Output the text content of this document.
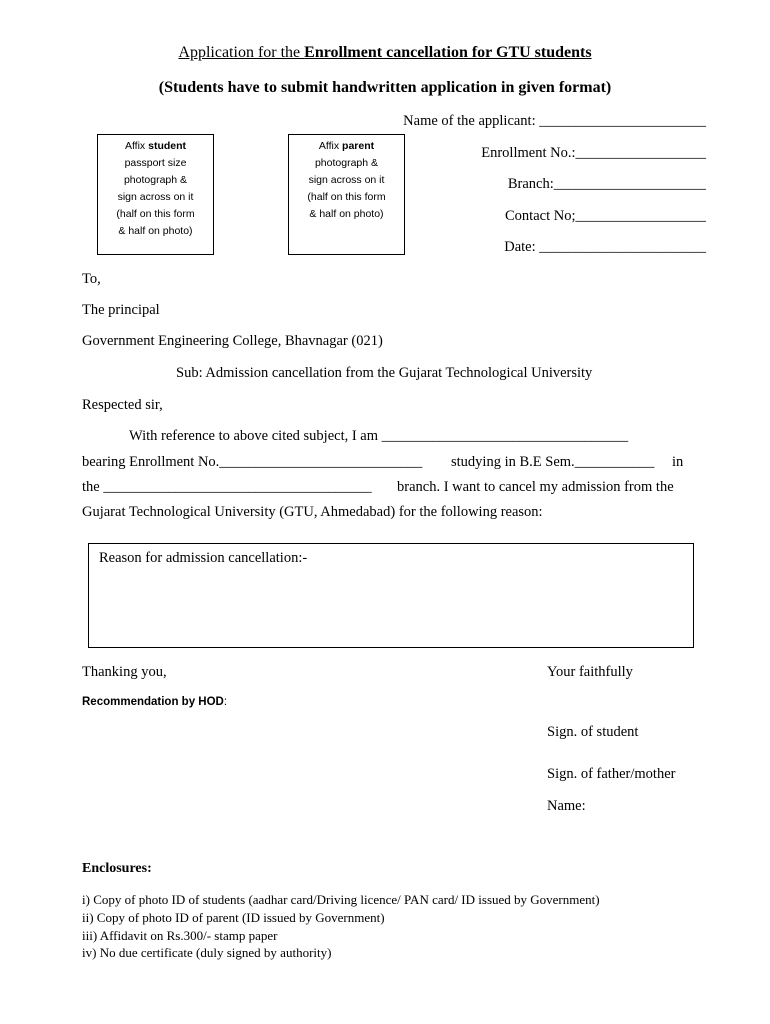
Application for the Enrollment cancellation for GTU students
(Students have to submit handwritten application in given format)
Affix student
passport size
photograph &
sign across on it
(half on this form
& half on photo)
Affix parent
photograph &
sign across on it
(half on this form
& half on photo)
Name of the applicant: _______________________
Enrollment No.:__________________
Branch:_____________________
Contact No;__________________
Date: _______________________
To,
The principal
Government Engineering College, Bhavnagar (021)
Sub: Admission cancellation from the Gujarat Technological University
Respected sir,
With reference to above cited subject, I am __________________________________
bearing Enrollment No.____________________________ studying in B.E Sem.___________ in
the _____________________________________ branch. I want to cancel my admission from the
Gujarat Technological University (GTU, Ahmedabad) for the following reason:
Reason for admission cancellation:-
Thanking you,	Your faithfully
Recommendation by HOD:
Sign. of student
Sign. of father/mother
Name:
Enclosures:
i) Copy of photo ID of students (aadhar card/Driving licence/ PAN card/ ID issued by Government)
ii) Copy of photo ID of parent (ID issued by Government)
iii) Affidavit on Rs.300/- stamp paper
iv) No due certificate (duly signed by authority)
